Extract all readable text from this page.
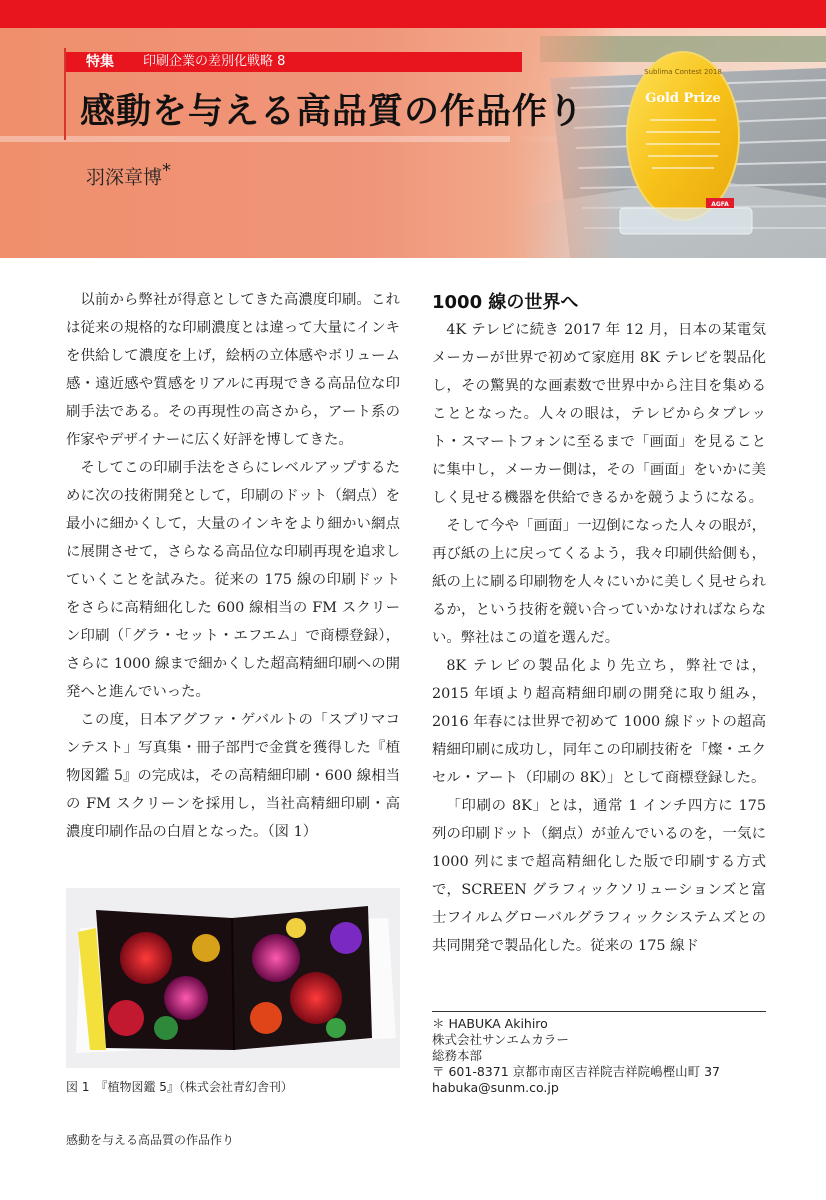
Sublima Contest 2018
Gold Prize
AGFA
特集 印刷企業の差別化戦略 8
感動を与える高品質の作品作り
羽深章博*

以前から弊社が得意としてきた高濃度印刷。これは従来の規格的な印刷濃度とは違って大量にインキを供給して濃度を上げ，絵柄の立体感やボリューム感・遠近感や質感をリアルに再現できる高品位な印刷手法である。その再現性の高さから，アート系の作家やデザイナーに広く好評を博してきた。

そしてこの印刷手法をさらにレベルアップするために次の技術開発として，印刷のドット（網点）を最小に細かくして，大量のインキをより細かい網点に展開させて，さらなる高品位な印刷再現を追求していくことを試みた。従来の 175 線の印刷ドットをさらに高精細化した 600 線相当の FM スクリーン印刷（「グラ・セット・エフエム」で商標登録），さらに 1000 線まで細かくした超高精細印刷への開発へと進んでいった。

この度，日本アグファ・ゲバルトの「スブリマコンテスト」写真集・冊子部門で金賞を獲得した『植物図鑑 5』の完成は，その高精細印刷・600 線相当の FM スクリーンを採用し，当社高精細印刷・高濃度印刷作品の白眉となった。（図 1）

図 1　『植物図鑑 5』（株式会社青幻舎刊）
1000 線の世界へ

4K テレビに続き 2017 年 12 月，日本の某電気メーカーが世界で初めて家庭用 8K テレビを製品化し，その驚異的な画素数で世界中から注目を集めることとなった。人々の眼は，テレビからタブレット・スマートフォンに至るまで「画面」を見ることに集中し，メーカー側は，その「画面」をいかに美しく見せる機器を供給できるかを競うようになる。

そして今や「画面」一辺倒になった人々の眼が，再び紙の上に戻ってくるよう，我々印刷供給側も，紙の上に刷る印刷物を人々にいかに美しく見せられるか，という技術を競い合っていかなければならない。弊社はこの道を選んだ。

8K テレビの製品化より先立ち，弊社では，2015 年頃より超高精細印刷の開発に取り組み，2016 年春には世界で初めて 1000 線ドットの超高精細印刷に成功し，同年この印刷技術を「燦・エクセル・アート（印刷の 8K）」として商標登録した。

「印刷の 8K」とは，通常 1 インチ四方に 175 列の印刷ドット（網点）が並んでいるのを，一気に 1000 列にまで超高精細化した版で印刷する方式で，SCREEN グラフィックソリューションズと富士フイルムグローバルグラフィックシステムズとの共同開発で製品化した。従来の 175 線ド

＊ HABUKA Akihiro
株式会社サンエムカラー
総務本部
〒 601-8371 京都市南区吉祥院吉祥院嶋樫山町 37
habuka@sunm.co.jp
感動を与える高品質の作品作り
